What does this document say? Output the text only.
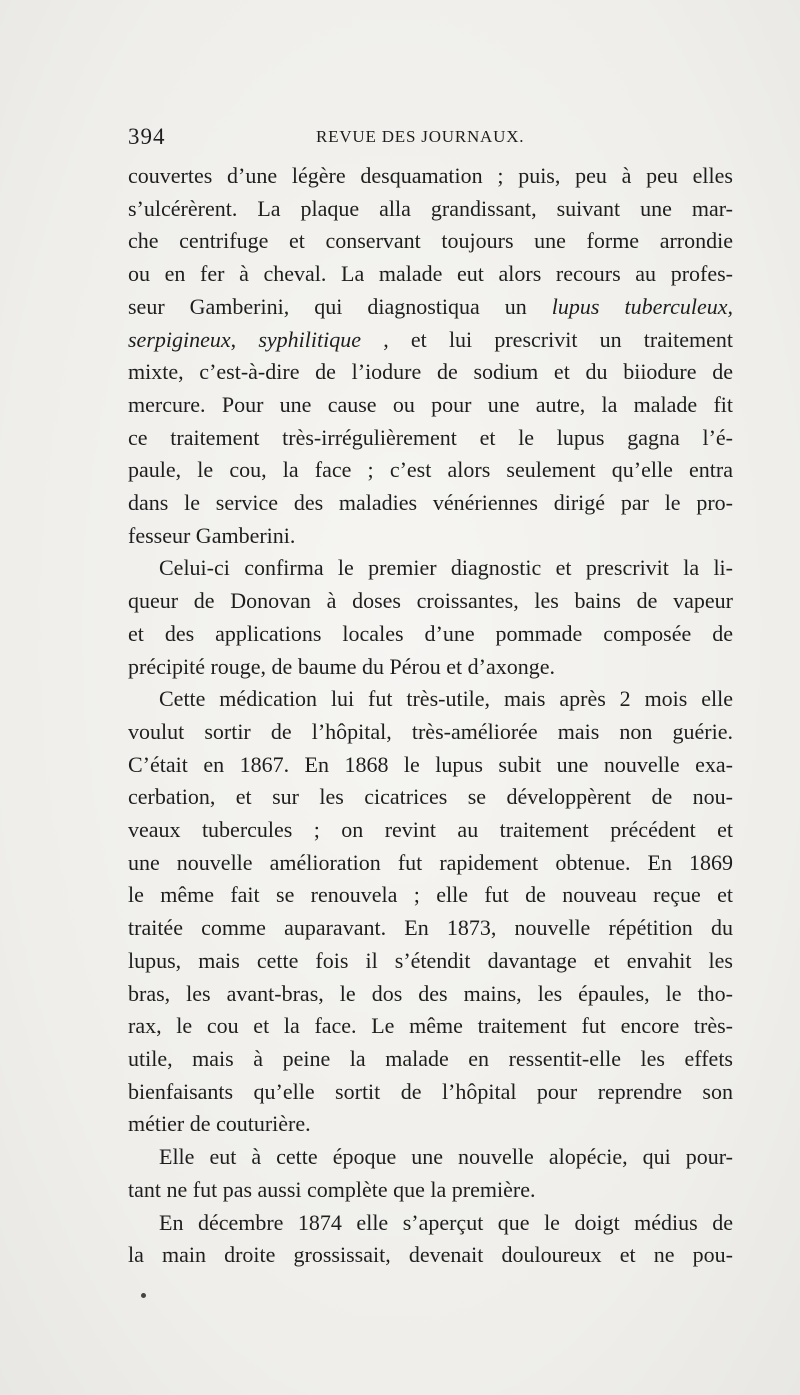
394	REVUE DES JOURNAUX.
couvertes d’une légère desquamation ; puis, peu à peu elles
s’ulcérèrent. La plaque alla grandissant, suivant une mar-
che centrifuge et conservant toujours une forme arrondie
ou en fer à cheval. La malade eut alors recours au profes-
seur Gamberini, qui diagnostiqua un lupus tuberculeux,
serpigineux, syphilitique , et lui prescrivit un traitement
mixte, c’est-à-dire de l’iodure de sodium et du biiodure de
mercure. Pour une cause ou pour une autre, la malade fit
ce traitement très-irrégulièrement et le lupus gagna l’é-
paule, le cou, la face ; c’est alors seulement qu’elle entra
dans le service des maladies vénériennes dirigé par le pro-
fesseur Gamberini.
Celui-ci confirma le premier diagnostic et prescrivit la li-
queur de Donovan à doses croissantes, les bains de vapeur
et des applications locales d’une pommade composée de
précipité rouge, de baume du Pérou et d’axonge.
Cette médication lui fut très-utile, mais après 2 mois elle
voulut sortir de l’hôpital, très-améliorée mais non guérie.
C’était en 1867. En 1868 le lupus subit une nouvelle exa-
cerbation, et sur les cicatrices se développèrent de nou-
veaux tubercules ; on revint au traitement précédent et
une nouvelle amélioration fut rapidement obtenue. En 1869
le même fait se renouvela ; elle fut de nouveau reçue et
traitée comme auparavant. En 1873, nouvelle répétition du
lupus, mais cette fois il s’étendit davantage et envahit les
bras, les avant-bras, le dos des mains, les épaules, le tho-
rax, le cou et la face. Le même traitement fut encore très-
utile, mais à peine la malade en ressentit-elle les effets
bienfaisants qu’elle sortit de l’hôpital pour reprendre son
métier de couturière.
Elle eut à cette époque une nouvelle alopécie, qui pour-
tant ne fut pas aussi complète que la première.
En décembre 1874 elle s’aperçut que le doigt médius de
la main droite grossissait, devenait douloureux et ne pou-
